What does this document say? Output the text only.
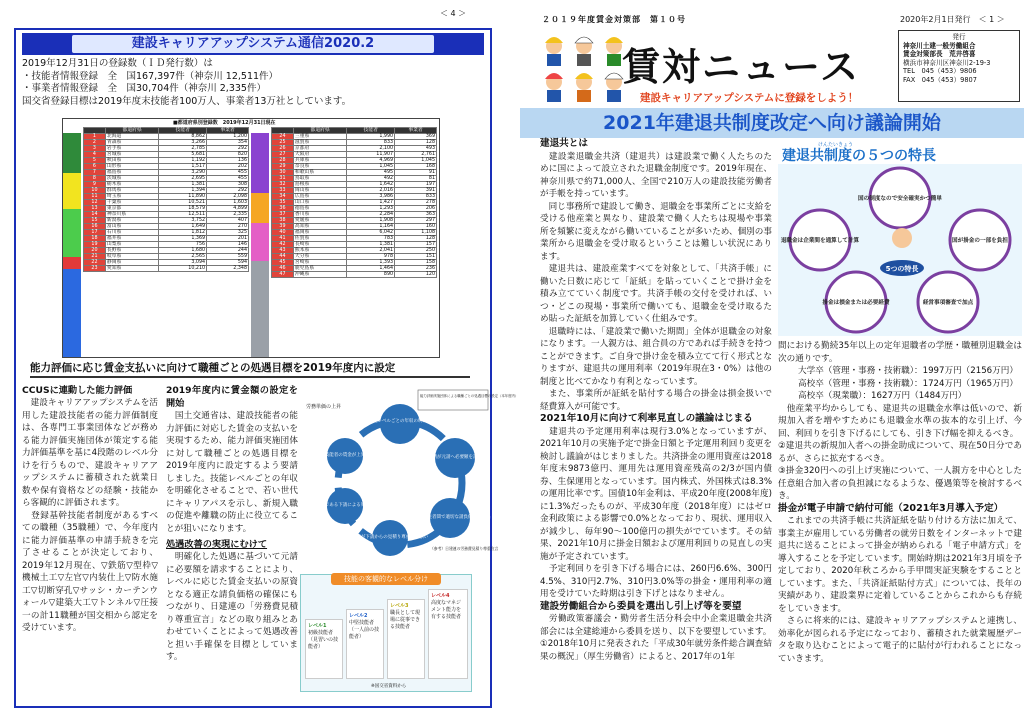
＜ 4 ＞
建設キャリアアップシステム通信2020.2
2019年12月31日の登録数（ＩＤ発行数）は
・技能者情報登録　全　国167,397件（神奈川 12,511件）
・事業者情報登録　全　国30,704件（神奈川 2,335件）
国交省登録目標は2019年度末技能者100万人、事業者13万社としています。
■都道府県別登録数　2019年12月31日現在
	都道府県	技能者	事業者
1	北海道	8,862	1,200
2	青森県	3,266	354
3	岩手県	2,785	292
4	宮城県	5,681	820
5	秋田県	1,192	136
6	山形県	1,517	202
7	福島県	3,290	455
8	茨城県	2,695	455
9	栃木県	1,381	308
10	群馬県	1,394	292
11	埼玉県	11,890	2,098
12	千葉県	10,521	1,603
13	東京都	18,579	4,899
14	神奈川県	12,511	2,335
15	新潟県	3,752	407
16	富山県	1,649	270
17	石川県	1,812	325
18	福井県	1,369	201
19	山梨県	756	146
20	長野県	1,680	244
21	岐阜県	2,565	559
22	静岡県	3,094	594
23	愛知県	10,210	2,348
	都道府県	技能者	事業者
24	三重県	1,990	369
25	滋賀県	833	128
26	京都府	2,100	493
27	大阪府	11,907	2,761
28	兵庫県	4,969	1,045
29	奈良県	1,045	168
30	和歌山県	495	91
31	鳥取県	492	81
32	島根県	1,642	197
33	岡山県	2,016	391
34	広島県	3,986	833
35	山口県	1,427	278
36	徳島県	1,293	206
37	香川県	2,284	363
38	愛媛県	1,908	297
39	高知県	1,164	160
40	福岡県	6,042	1,108
41	佐賀県	783	128
42	長崎県	1,381	157
43	熊本県	2,041	250
44	大分県	978	151
45	宮崎県	1,393	158
46	鹿児島県	1,464	236
47	沖縄県	890	120
能力評価に応じ賃金支払いに向けて職種ごとの処遇目標を2019年度内に設定
CCUSに連動した能力評価

　建設キャリアアップシステムを活用した建設技能者の能力評価制度は、各専門工事業団体などが務める能力評価実施団体が策定する能力評価基準を基に4段階のレベル分けを行うもので、建設キャリアアップシステムに蓄積された就業日数や保有資格などの経験・技能から客観的に評価されます。

　登録基幹技能者制度があるすべての職種（35職種）で、今年度内に能力評価基準の申請手続きを完了させることが決定しており、2019年12月現在、▽鉄筋▽型枠▽機械土工▽左官▽内装仕上▽防水施工▽切断穿孔▽サッシ・カーテンウォール▽建築大工▽トンネル▽圧接一の計11職種が国交相から認定を受けています。

2019年度内に賃金額の設定を開始

　国土交通省は、建設技能者の能力評価に対応した賃金の支払いを実現するため、能力評価実施団体に対して職種ごとの処遇目標を2019年度内に設定するよう要請しました。技能レベルごとの年収を明確化させることで、若い世代にキャリアパスを示し、新規入職の促進や離職の防止に役立てることが狙いになります。

処遇改善の実現にむけて

　明確化した処遇に基づいて元請に必要額を請求することにより、レベルに応じた賃金支払いの原資となる適正な請負価格の確保にもつながり、日建連の「労務費見積り尊重宣言」などの取り組みとあわせていくことによって処遇改善と担い手確保を目標としています。

技能レベルごとの年収の明確化
下請が元請へ必要額を請求
元請・発注者間で適切な請負価格の確保
元請が下請からの見積り尊重・支払い
雇用主である下請による処遇改善
技能者の賃金が上昇
労務単価の上昇
能力評価実施団体による職種ごとの処遇目標の設定（本年度内）
（参考）日建連の労務費見積り尊重宣言
技能の客観的なレベル分け
レベル1
初級技能者（見習いの技能者）
レベル2
中堅技能者（一人前の技能者）
レベル3
職長として現場に従事できる技能者
レベル4
高度なマネジメント能力を有する技能者
※国交省資料から
２０１９年度賃金対策部　第１０号	2020年2月1日発行　＜ 1 ＞
賃対ニュース
建設キャリアアップシステムに登録をしよう！
発行
神奈川土建一般労働組合
賃金対策部長　荒井啓喜
横浜市神奈川区神奈川2-19-3
TEL　045（453）9806
FAX　045（453）9807
2021年建退共制度改定へ向け議論開始
建退共とは

　建設業退職金共済（建退共）は建設業で働く人たちのために国によって設立された退職金制度です。2019年現在、神奈川県で約71,000人、全国で210万人の建設技能労働者が手帳を持っています。

　同じ事務所で建設して働き、退職金を事業所ごとに支給を受ける他産業と異なり、建設業で働く人たちは現場や事業所を頻繁に変えながら働いていることが多いため、個別の事業所から退職金を受け取るということは難しい状況にあります。

　建退共は、建設産業すべてを対象として、「共済手帳」に働いた日数に応じて「証紙」を貼っていくことで掛け金を積み立てていく制度です。共済手帳の交付を受ければ、いつ・どこの現場・事業所で働いても、退職金を受け取るため貼った証紙を加算していく仕組みです。

　退職時には、「建設業で働いた期間」全体が退職金の対象になります。一人親方は、組合員の方であれば手続きを持つことができます。ご自身で掛け金を積み立てて行く形式となりますが、建退共の運用利率（2019年現在3・0%）は他の制度と比べてかなり有利となっています。

　また、事業所が証紙を貼付する場合の掛金は損金扱いで経費算入が可能です。

2021年10月に向けて利率見直しの議論はじまる

　建退共の予定運用利率は現行3.0%となっていますが、2021年10月の実施予定で掛金日額と予定運用利回り変更を検討し議論がはじまりました。共済掛金の運用資産は2018年度末9873億円、運用先は運用資産残高の2/3が国内債券、生保運用となっています。国内株式、外国株式は8.3%の運用比率です。国債10年金利は、平成20年度(2008年度)に1.3%だったものが、平成30年度（2018年度）にはゼロ金利政策による影響で0.0%となっており、現状、運用収入が減少し、毎年90～100億円の損失がでています。その結果、2021年10月に掛金日額および運用利回りの見直しの実施が予定されています。

　予定利回りを引き下げる場合には、260円6.6%、300円4.5%、310円2.7%、310円3.0%等の掛金・運用利率の適用を受けていた時期は引き下げとはなりません。

建設労働組合から委員を選出し引上げ等を要望

　労働政策審議会・勤労者生活分科会中小企業退職金共済部会には全建総連から委員を送り、以下を要望しています。

①2018年10月に発表された「平成30年就労条件総合調査結果の概況」（厚生労働省）によると、2017年の1年

けんたいきょう
建退共制度の５つの特長
国の制度なので安全確実かつ簡単
退職金は企業間を通算して計算	国が掛金の一部を負担
掛金は損金または必要経費	経営事項審査で加点
5つの特長

間における勤続35年以上の定年退職者の学歴・職種別退職金は次の通りです。

大学卒（管理・事務・技術職）：1997万円（2156万円）

高校卒（管理・事務・技術職）：1724万円（1965万円）

高校卒（現業職）：1627万円（1484万円）

　他産業平均からしても、建退共の退職金水準は低いので、新規加入者を増やすためにも退職金水準の抜本的な引上げ、今回、利回りを引き下げるにしても、引き下げ幅を抑えるべき。

②建退共の新規加入者への掛金助成について、現在50日分であるが、さらに拡充するべき。

③掛金320円への引上げ実施について、一人親方を中心とした任意組合加入者の負担減になるような、優遇策等を検討するべき。

掛金が電子申請で納付可能（2021年3月導入予定）

　これまでの共済手帳に共済証紙を貼り付ける方法に加えて、事業主が雇用している労働者の就労日数をインターネットで建退共に送ることによって掛金が納められる「電子申請方式」を導入することを予定しています。開始時期は2021年3月頃を予定しており、2020年秋ころから手甲間実証実験をすることとしています。また、「共済証紙貼付方式」については、長年の実績があり、建設業界に定着していることからこれからも存続をしていきます。

　さらに将来的には、建設キャリアアップシステムと連携し、効率化が図られる予定になっており、蓄積された就業履歴データを取り込むことによって電子的に貼付が行われることになっていきます。
